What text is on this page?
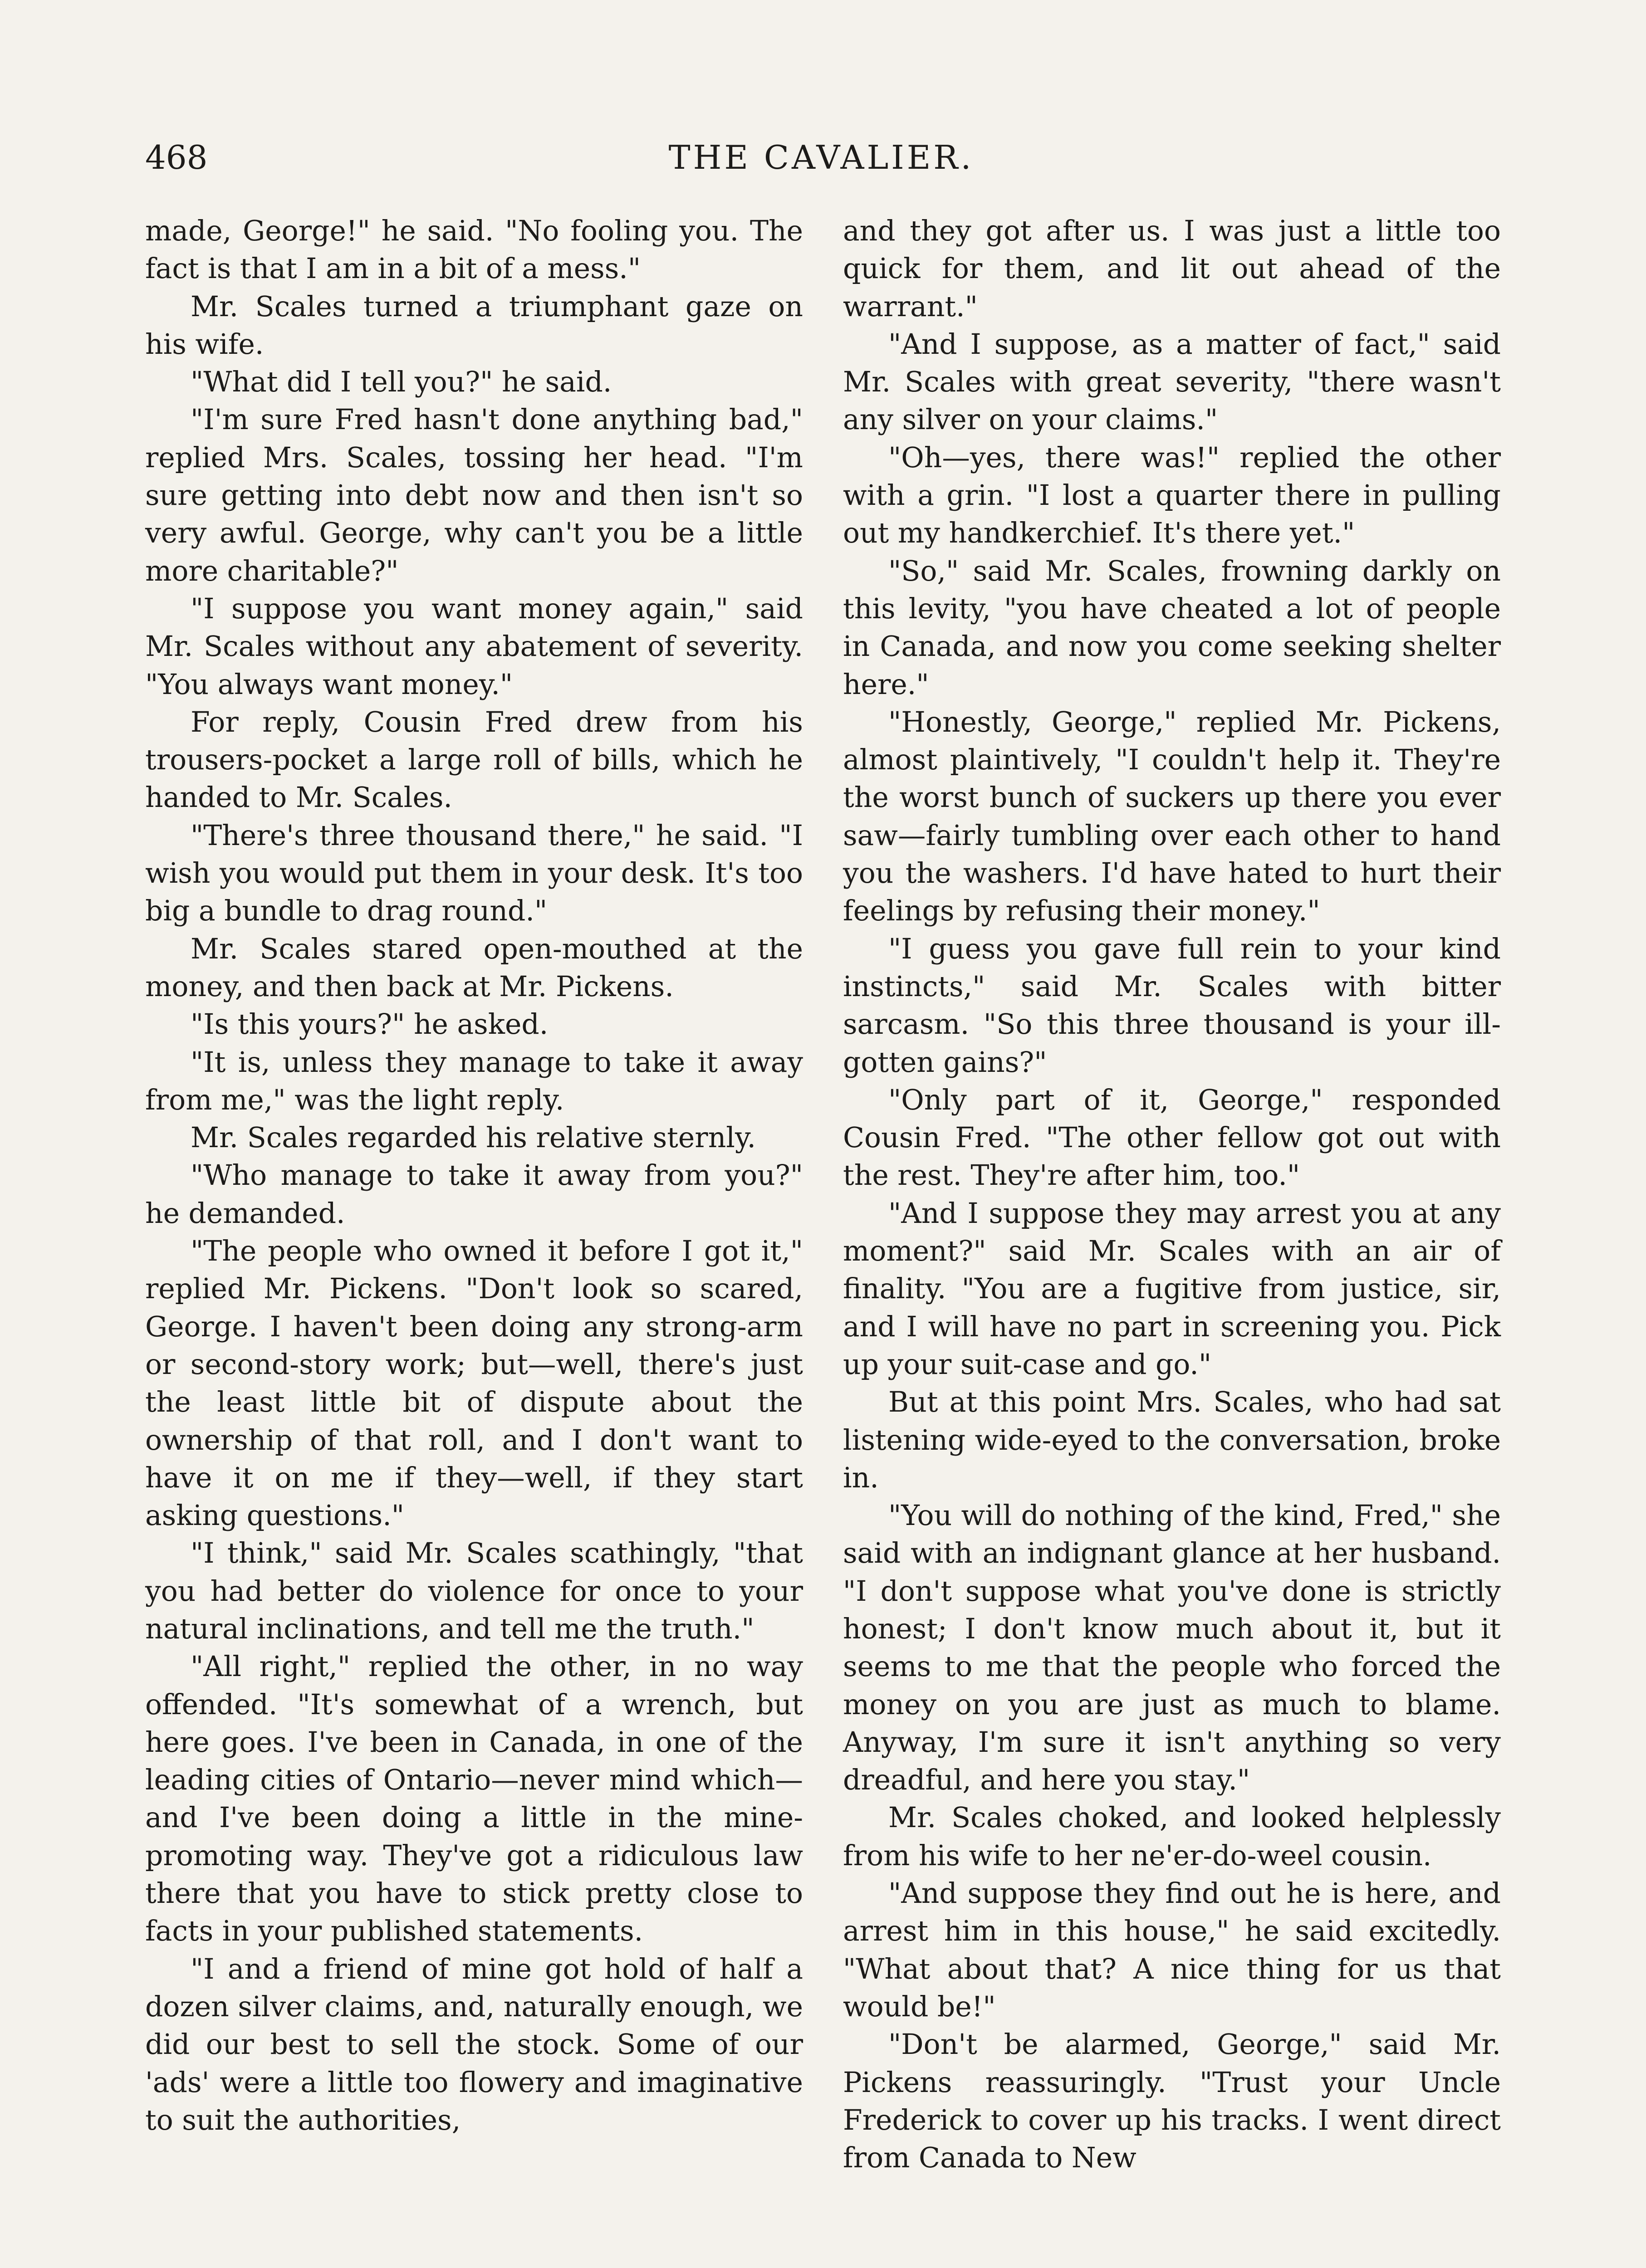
468	THE CAVALIER.

made, George!" he said. "No fooling you. The fact is that I am in a bit of a mess."

Mr. Scales turned a triumphant gaze on his wife.

"What did I tell you?" he said.

"I'm sure Fred hasn't done anything bad," replied Mrs. Scales, tossing her head. "I'm sure getting into debt now and then isn't so very awful. George, why can't you be a little more charitable?"

"I suppose you want money again," said Mr. Scales without any abatement of severity. "You always want money."

For reply, Cousin Fred drew from his trousers-pocket a large roll of bills, which he handed to Mr. Scales.

"There's three thousand there," he said. "I wish you would put them in your desk. It's too big a bundle to drag round."

Mr. Scales stared open-mouthed at the money, and then back at Mr. Pickens.

"Is this yours?" he asked.

"It is, unless they manage to take it away from me," was the light reply.

Mr. Scales regarded his relative sternly.

"Who manage to take it away from you?" he demanded.

"The people who owned it before I got it," replied Mr. Pickens. "Don't look so scared, George. I haven't been doing any strong-arm or second-story work; but—well, there's just the least little bit of dispute about the ownership of that roll, and I don't want to have it on me if they—well, if they start asking questions."

"I think," said Mr. Scales scathingly, "that you had better do violence for once to your natural inclinations, and tell me the truth."

"All right," replied the other, in no way offended. "It's somewhat of a wrench, but here goes. I've been in Canada, in one of the leading cities of Ontario—never mind which—and I've been doing a little in the mine-promoting way. They've got a ridiculous law there that you have to stick pretty close to facts in your published statements.

"I and a friend of mine got hold of half a dozen silver claims, and, naturally enough, we did our best to sell the stock. Some of our 'ads' were a little too flowery and imaginative to suit the authorities,

and they got after us. I was just a little too quick for them, and lit out ahead of the warrant."

"And I suppose, as a matter of fact," said Mr. Scales with great severity, "there wasn't any silver on your claims."

"Oh—yes, there was!" replied the other with a grin. "I lost a quarter there in pulling out my handkerchief. It's there yet."

"So," said Mr. Scales, frowning darkly on this levity, "you have cheated a lot of people in Canada, and now you come seeking shelter here."

"Honestly, George," replied Mr. Pickens, almost plaintively, "I couldn't help it. They're the worst bunch of suckers up there you ever saw—fairly tumbling over each other to hand you the washers. I'd have hated to hurt their feelings by refusing their money."

"I guess you gave full rein to your kind instincts," said Mr. Scales with bitter sarcasm. "So this three thousand is your ill-gotten gains?"

"Only part of it, George," responded Cousin Fred. "The other fellow got out with the rest. They're after him, too."

"And I suppose they may arrest you at any moment?" said Mr. Scales with an air of finality. "You are a fugitive from justice, sir, and I will have no part in screening you. Pick up your suit-case and go."

But at this point Mrs. Scales, who had sat listening wide-eyed to the conversation, broke in.

"You will do nothing of the kind, Fred," she said with an indignant glance at her husband. "I don't suppose what you've done is strictly honest; I don't know much about it, but it seems to me that the people who forced the money on you are just as much to blame. Anyway, I'm sure it isn't anything so very dreadful, and here you stay."

Mr. Scales choked, and looked helplessly from his wife to her ne'er-do-weel cousin.

"And suppose they find out he is here, and arrest him in this house," he said excitedly. "What about that? A nice thing for us that would be!"

"Don't be alarmed, George," said Mr. Pickens reassuringly. "Trust your Uncle Frederick to cover up his tracks. I went direct from Canada to New
